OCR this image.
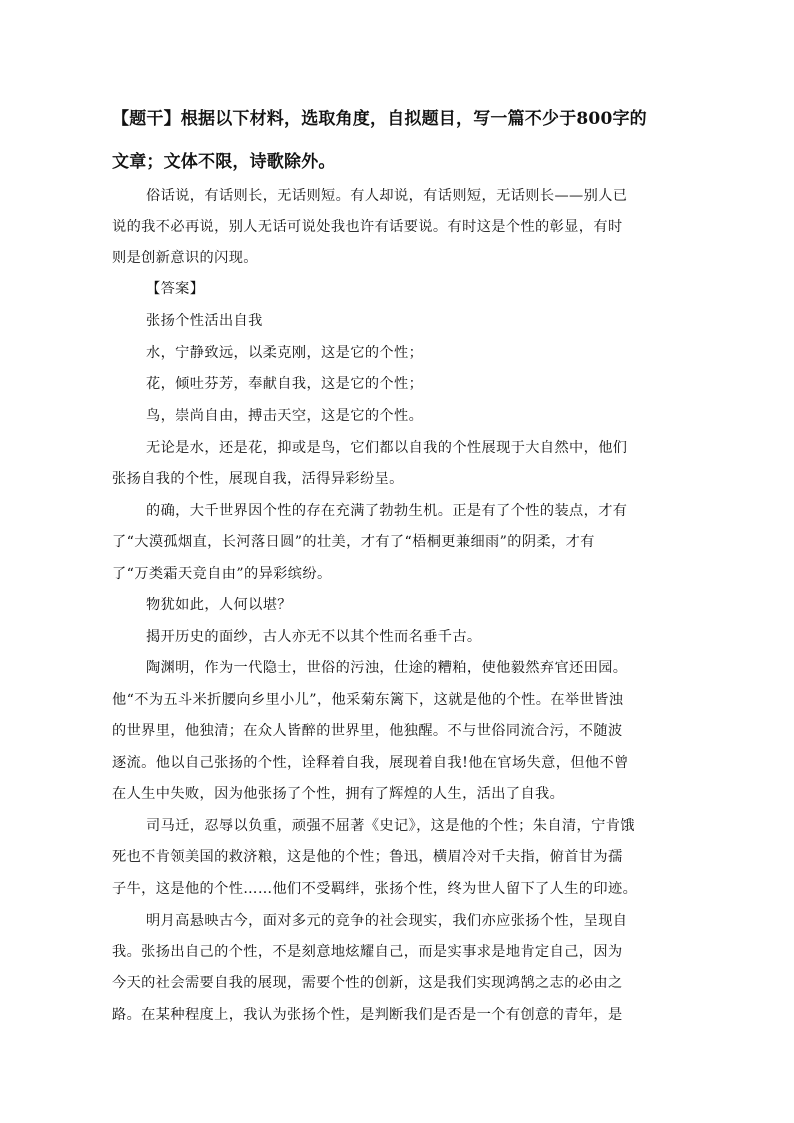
【题干】根据以下材料，选取角度，自拟题目，写一篇不少于800字的
文章；文体不限，诗歌除外。
俗话说，有话则长，无话则短。有人却说，有话则短，无话则长——别人已
说的我不必再说，别人无话可说处我也许有话要说。有时这是个性的彰显，有时
则是创新意识的闪现。
【答案】
张扬个性活出自我
水，宁静致远，以柔克刚，这是它的个性；
花，倾吐芬芳，奉献自我，这是它的个性；
鸟，崇尚自由，搏击天空，这是它的个性。
无论是水，还是花，抑或是鸟，它们都以自我的个性展现于大自然中，他们
张扬自我的个性，展现自我，活得异彩纷呈。
的确，大千世界因个性的存在充满了勃勃生机。正是有了个性的装点，才有
了“大漠孤烟直，长河落日圆”的壮美，才有了“梧桐更兼细雨”的阴柔，才有
了“万类霜天竞自由”的异彩缤纷。
物犹如此，人何以堪？
揭开历史的面纱，古人亦无不以其个性而名垂千古。
陶渊明，作为一代隐士，世俗的污浊，仕途的糟粕，使他毅然弃官还田园。
他“不为五斗米折腰向乡里小儿”，他采菊东篱下，这就是他的个性。在举世皆浊
的世界里，他独清；在众人皆醉的世界里，他独醒。不与世俗同流合污，不随波
逐流。他以自己张扬的个性，诠释着自我，展现着自我!他在官场失意，但他不曾
在人生中失败，因为他张扬了个性，拥有了辉煌的人生，活出了自我。
司马迁，忍辱以负重，顽强不屈著《史记》，这是他的个性；朱自清，宁肯饿
死也不肯领美国的救济粮，这是他的个性；鲁迅，横眉冷对千夫指，俯首甘为孺
子牛，这是他的个性……他们不受羁绊，张扬个性，终为世人留下了人生的印迹。
明月高悬映古今，面对多元的竞争的社会现实，我们亦应张扬个性，呈现自
我。张扬出自己的个性，不是刻意地炫耀自己，而是实事求是地肯定自己，因为
今天的社会需要自我的展现，需要个性的创新，这是我们实现鸿鹄之志的必由之
路。在某种程度上，我认为张扬个性，是判断我们是否是一个有创意的青年，是
